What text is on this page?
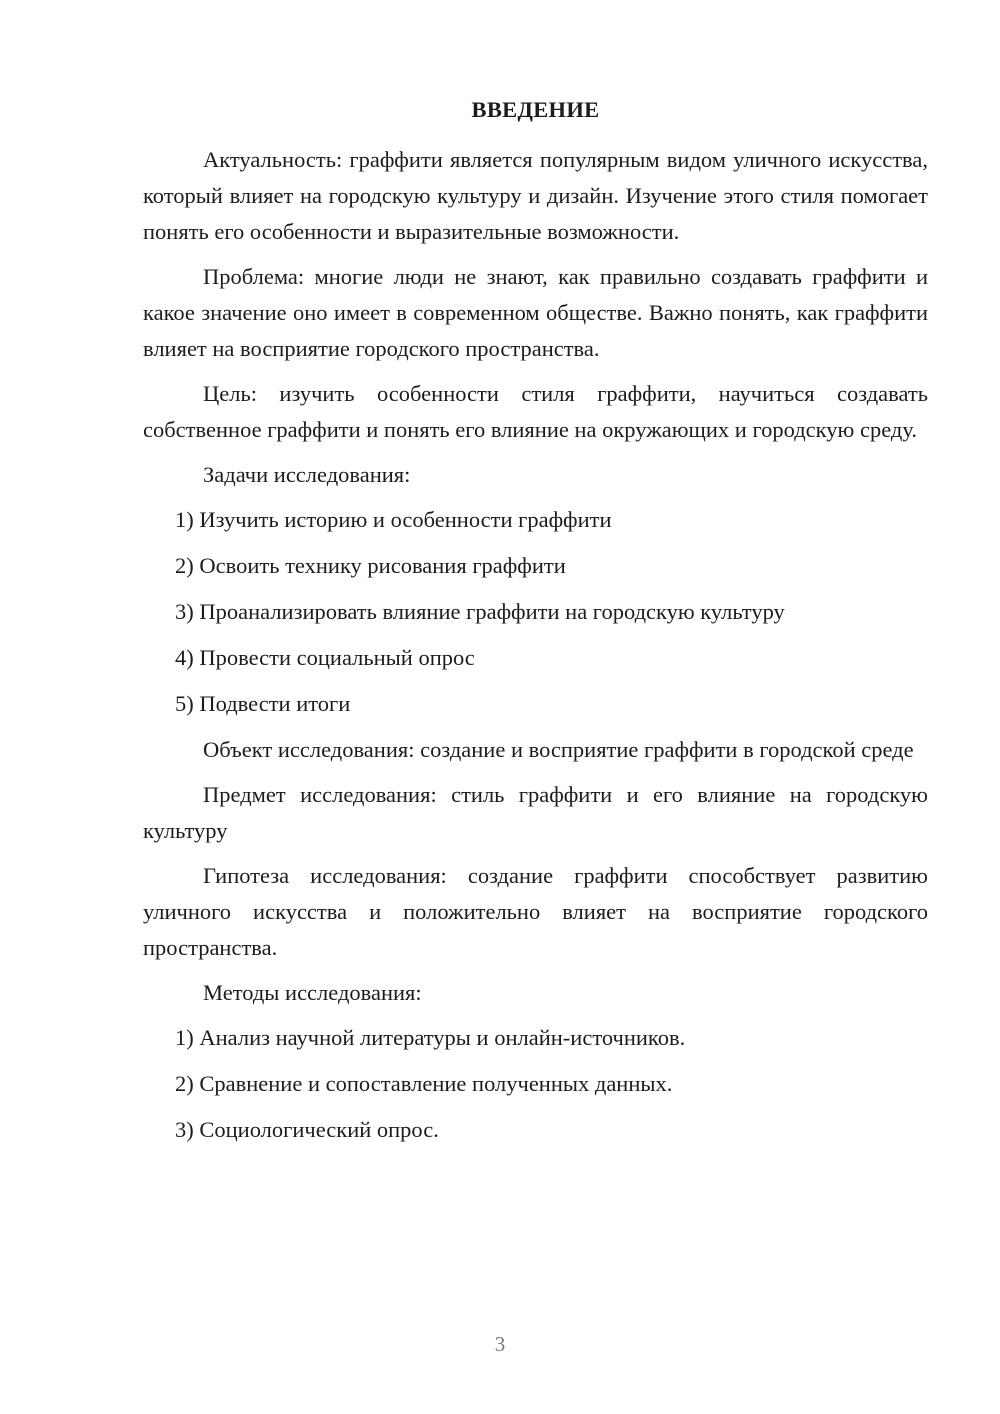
ВВЕДЕНИЕ

Актуальность: граффити является популярным видом уличного искусства, который влияет на городскую культуру и дизайн. Изучение этого стиля помогает понять его особенности и выразительные возможности.

Проблема: многие люди не знают, как правильно создавать граффити и какое значение оно имеет в современном обществе. Важно понять, как граффити влияет на восприятие городского пространства.

Цель: изучить особенности стиля граффити, научиться создавать собственное граффити и понять его влияние на окружающих и городскую среду.

Задачи исследования:

1) Изучить историю и особенности граффити
2) Освоить технику рисования граффити
3) Проанализировать влияние граффити на городскую культуру
4) Провести социальный опрос
5) Подвести итоги

Объект исследования: создание и восприятие граффити в городской среде

Предмет исследования: стиль граффити и его влияние на городскую культуру

Гипотеза исследования: создание граффити способствует развитию уличного искусства и положительно влияет на восприятие городского пространства.

Методы исследования:

1) Анализ научной литературы и онлайн-источников.
2) Сравнение и сопоставление полученных данных.
3) Социологический опрос.
3
